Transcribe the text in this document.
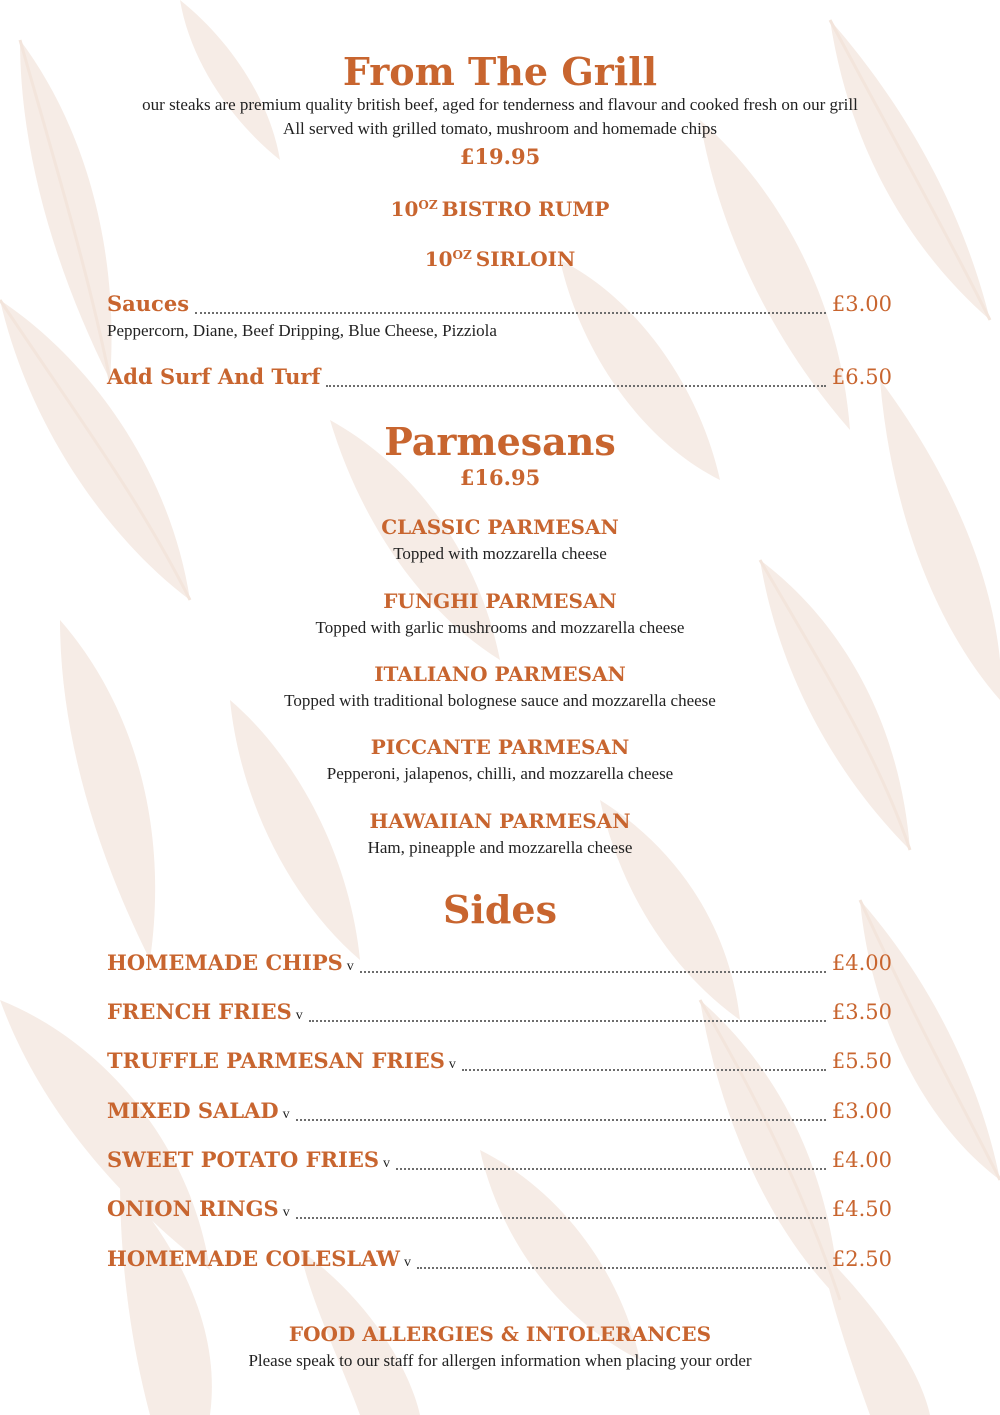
From The Grill
our steaks are premium quality british beef, aged for tenderness and flavour and cooked fresh on our grill
All served with grilled tomato, mushroom and homemade chips
£19.95
$10^{OZ}$ BISTRO RUMP
$10^{OZ}$ SIRLOIN
Sauces	£3.00
Peppercorn, Diane, Beef Dripping, Blue Cheese, Pizziola
Add Surf And Turf	£6.50
Parmesans
£16.95
CLASSIC PARMESAN
Topped with mozzarella cheese
FUNGHI PARMESAN
Topped with garlic mushrooms and mozzarella cheese
ITALIANO PARMESAN
Topped with traditional bolognese sauce and mozzarella cheese
PICCANTE PARMESAN
Pepperoni, jalapenos, chilli, and mozzarella cheese
HAWAIIAN PARMESAN
Ham, pineapple and mozzarella cheese
Sides
HOMEMADE CHIPS v	£4.00
FRENCH FRIES v	£3.50
TRUFFLE PARMESAN FRIES v	£5.50
MIXED SALAD v	£3.00
SWEET POTATO FRIES v	£4.00
ONION RINGS v	£4.50
HOMEMADE COLESLAW v	£2.50
FOOD ALLERGIES & INTOLERANCES
Please speak to our staff for allergen information when placing your order
